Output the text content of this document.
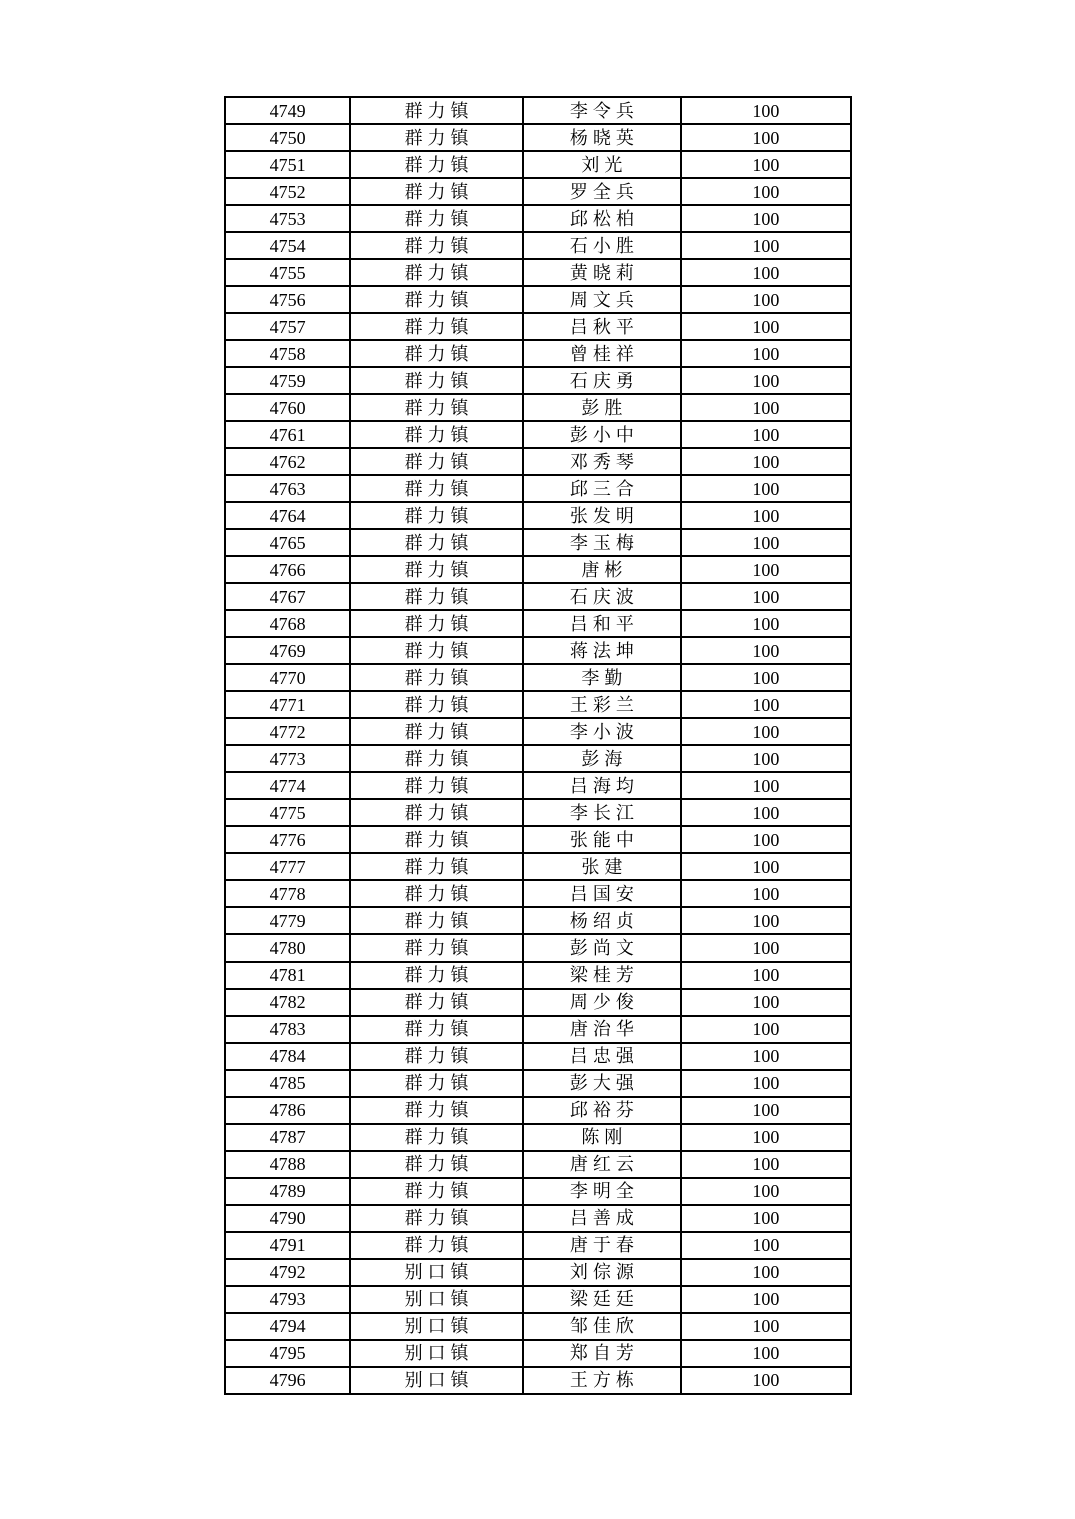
4749	群力镇	李令兵	100
4750	群力镇	杨晓英	100
4751	群力镇	刘光	100
4752	群力镇	罗全兵	100
4753	群力镇	邱松柏	100
4754	群力镇	石小胜	100
4755	群力镇	黄晓莉	100
4756	群力镇	周文兵	100
4757	群力镇	吕秋平	100
4758	群力镇	曾桂祥	100
4759	群力镇	石庆勇	100
4760	群力镇	彭胜	100
4761	群力镇	彭小中	100
4762	群力镇	邓秀琴	100
4763	群力镇	邱三合	100
4764	群力镇	张发明	100
4765	群力镇	李玉梅	100
4766	群力镇	唐彬	100
4767	群力镇	石庆波	100
4768	群力镇	吕和平	100
4769	群力镇	蒋法坤	100
4770	群力镇	李勤	100
4771	群力镇	王彩兰	100
4772	群力镇	李小波	100
4773	群力镇	彭海	100
4774	群力镇	吕海均	100
4775	群力镇	李长江	100
4776	群力镇	张能中	100
4777	群力镇	张建	100
4778	群力镇	吕国安	100
4779	群力镇	杨绍贞	100
4780	群力镇	彭尚文	100
4781	群力镇	梁桂芳	100
4782	群力镇	周少俊	100
4783	群力镇	唐治华	100
4784	群力镇	吕忠强	100
4785	群力镇	彭大强	100
4786	群力镇	邱裕芬	100
4787	群力镇	陈刚	100
4788	群力镇	唐红云	100
4789	群力镇	李明全	100
4790	群力镇	吕善成	100
4791	群力镇	唐于春	100
4792	别口镇	刘倧源	100
4793	别口镇	梁廷廷	100
4794	别口镇	邹佳欣	100
4795	别口镇	郑自芳	100
4796	别口镇	王方栋	100
